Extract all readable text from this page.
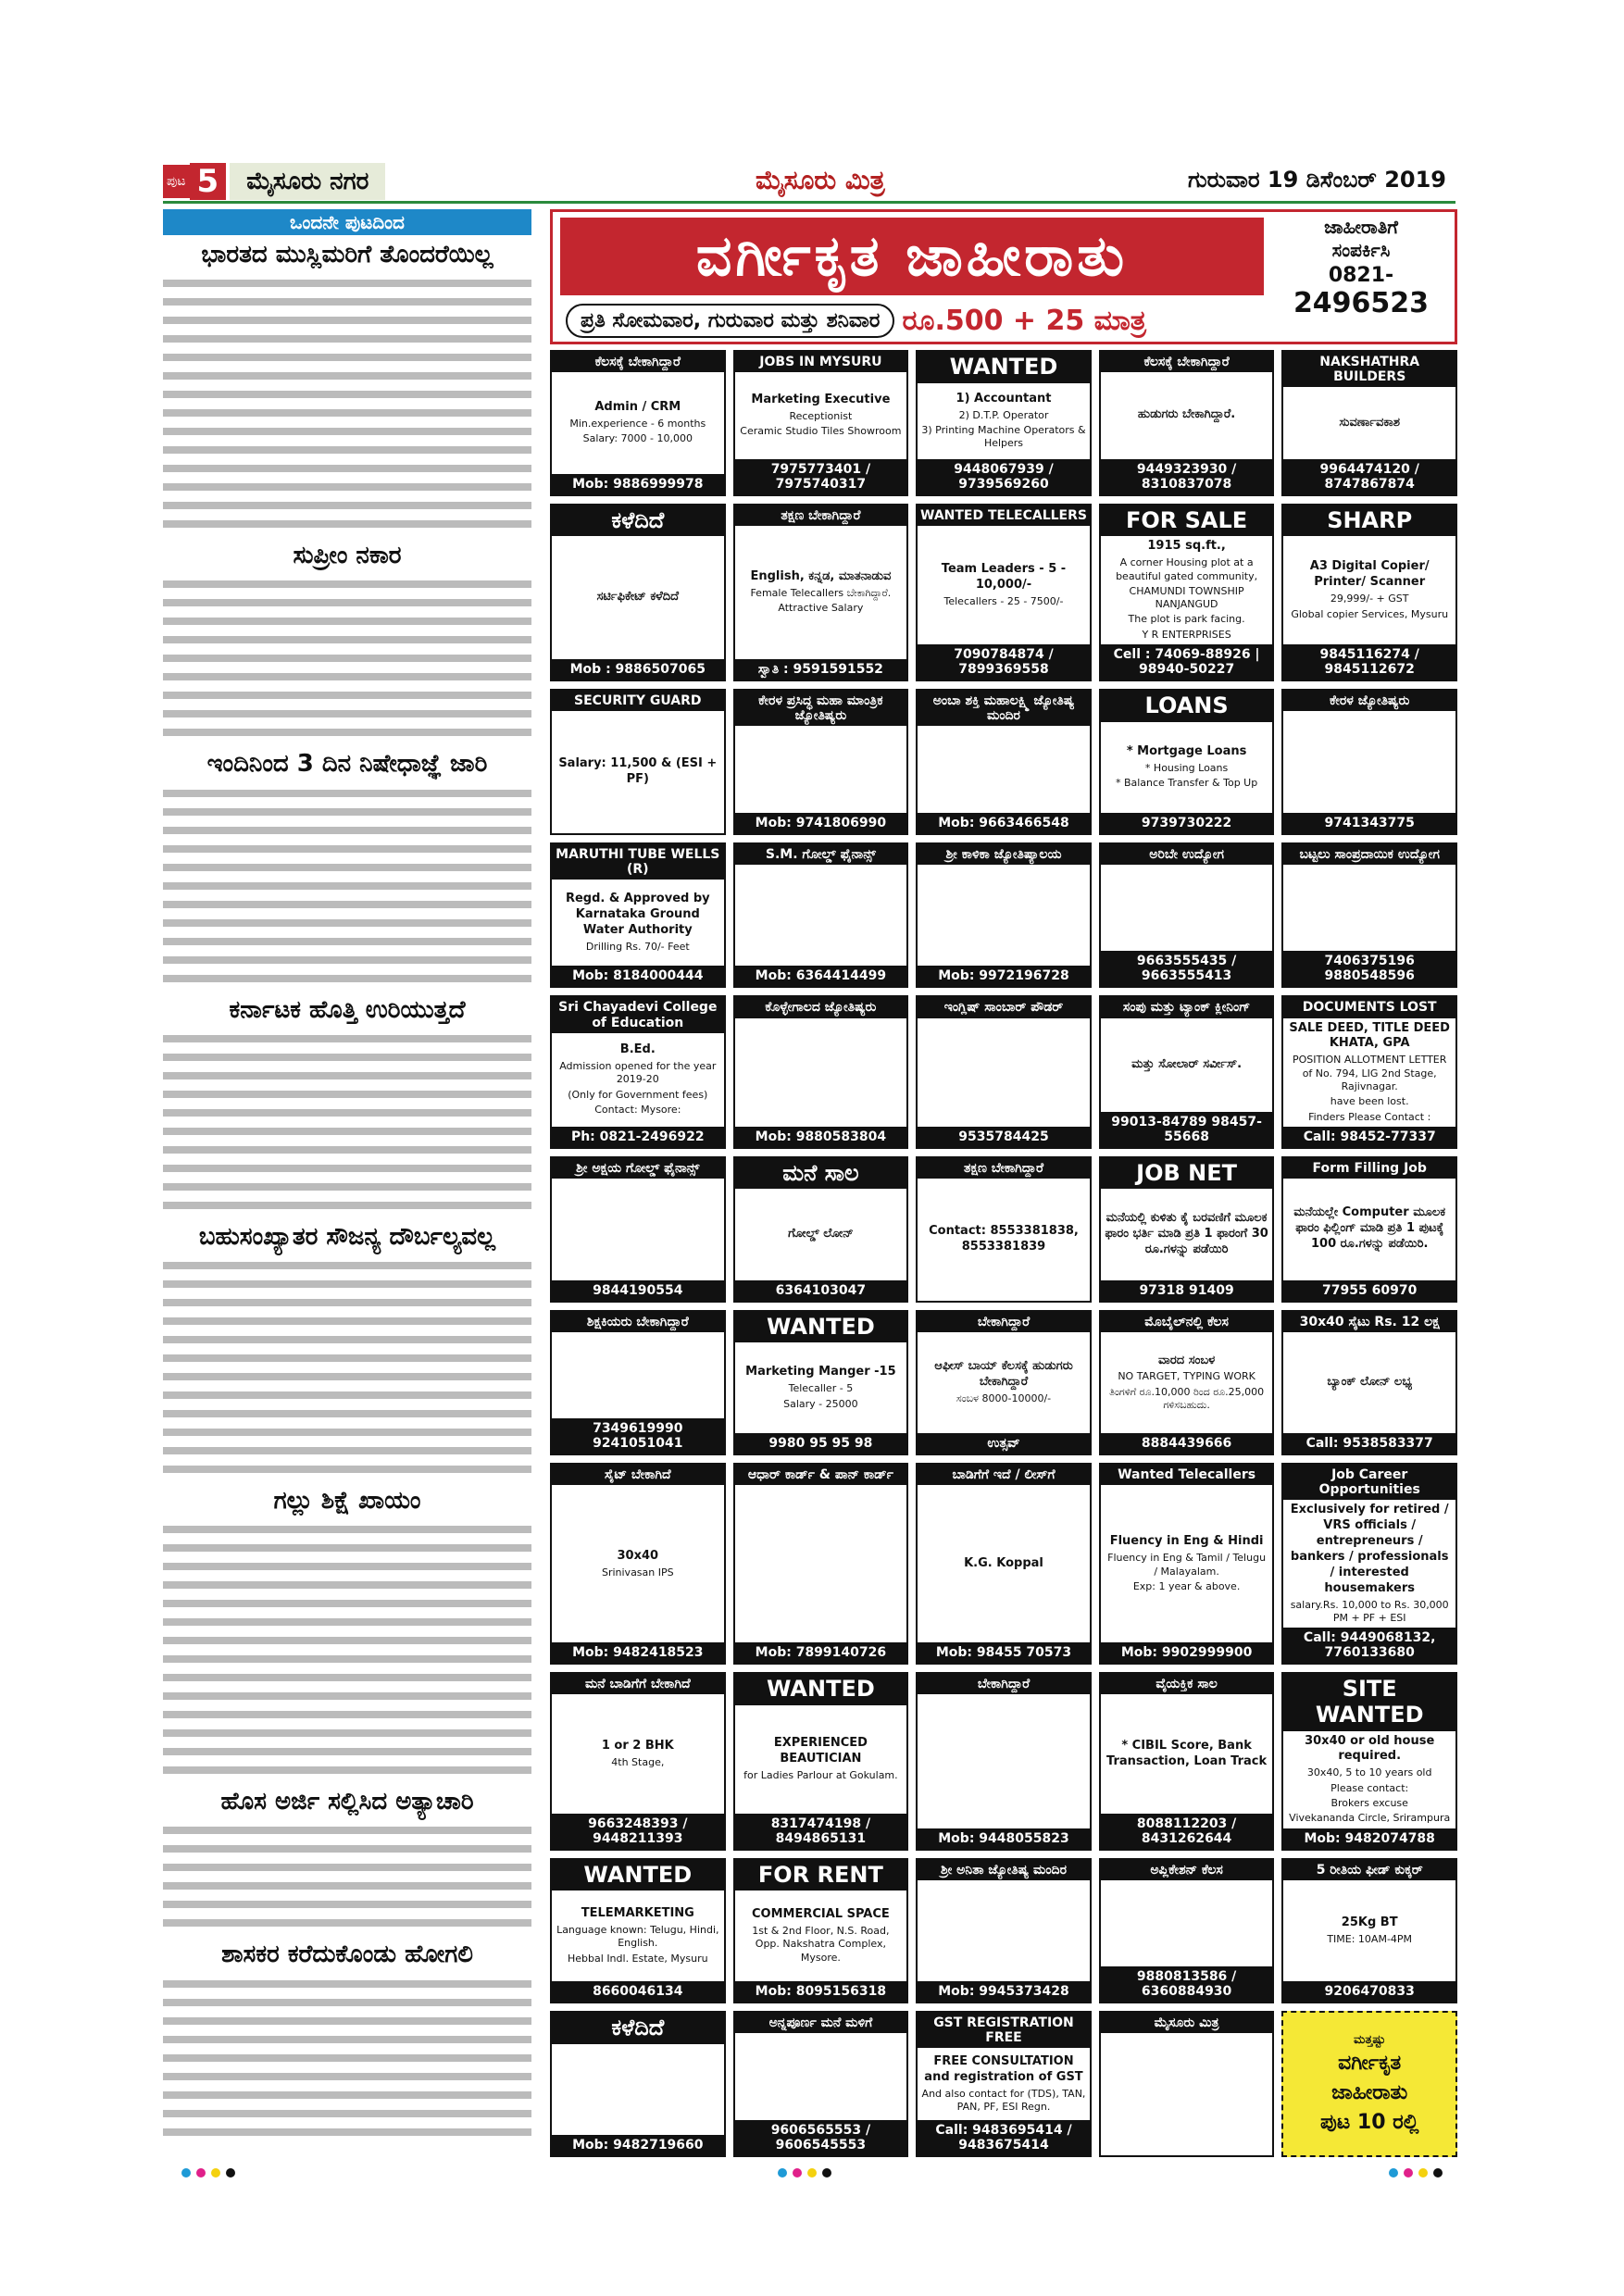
ಪುಟ 5	ಮೈಸೂರು ನಗರ	ಮೈಸೂರು ಮಿತ್ರ	ಗುರುವಾರ 19 ಡಿಸೆಂಬರ್ 2019
ಒಂದನೇ ಪುಟದಿಂದ
ಭಾರತದ ಮುಸ್ಲಿಮರಿಗೆ ತೊಂದರೆಯಿಲ್ಲ
ಸುಪ್ರೀಂ ನಕಾರ
ಇಂದಿನಿಂದ 3 ದಿನ ನಿಷೇಧಾಜ್ಞೆ ಜಾರಿ
ಕರ್ನಾಟಕ ಹೊತ್ತಿ ಉರಿಯುತ್ತದೆ
ಬಹುಸಂಖ್ಯಾತರ ಸೌಜನ್ಯ ದೌರ್ಬಲ್ಯವಲ್ಲ
ಗಲ್ಲು ಶಿಕ್ಷೆ ಖಾಯಂ
ಹೊಸ ಅರ್ಜಿ ಸಲ್ಲಿಸಿದ ಅತ್ಯಾಚಾರಿ
ಶಾಸಕರ ಕರೆದುಕೊಂಡು ಹೋಗಲಿ
ವರ್ಗೀಕೃತ ಜಾಹೀರಾತು
ಪ್ರತಿ ಸೋಮವಾರ, ಗುರುವಾರ ಮತ್ತು ಶನಿವಾರ ರೂ.500 + 25 ಮಾತ್ರ
ಜಾಹೀರಾತಿಗೆ
ಸಂಪರ್ಕಿಸಿ
0821-
2496523
ಕೆಲಸಕ್ಕೆ ಬೇಕಾಗಿದ್ದಾರೆ
Admin / CRM
Min.experience - 6 months
Salary: 7000 - 10,000
Mob: 9886999978
JOBS IN MYSURU
Marketing Executive
Receptionist
Ceramic Studio Tiles Showroom
7975773401 / 7975740317
WANTED
1) Accountant
2) D.T.P. Operator
3) Printing Machine Operators & Helpers
9448067939 / 9739569260
ಕೆಲಸಕ್ಕೆ ಬೇಕಾಗಿದ್ದಾರೆ
ಹುಡುಗರು ಬೇಕಾಗಿದ್ದಾರೆ.
9449323930 / 8310837078
NAKSHATHRA BUILDERS
ಸುವರ್ಣಾವಕಾಶ
9964474120 / 8747867874
ಕಳೆದಿದೆ
ಸರ್ಟಿಫಿಕೇಟ್ ಕಳೆದಿದೆ
Mob : 9886507065
ತಕ್ಷಣ ಬೇಕಾಗಿದ್ದಾರೆ
English, ಕನ್ನಡ, ಮಾತನಾಡುವ
Female Telecallers ಬೇಕಾಗಿದ್ದಾರೆ.
Attractive Salary
ಸ್ವಾತಿ : 9591591552
WANTED TELECALLERS
Team Leaders - 5 - 10,000/-
Telecallers - 25 - 7500/-
7090784874 / 7899369558
FOR SALE
1915 sq.ft.,
A corner Housing plot at a beautiful gated community,
CHAMUNDI TOWNSHIP NANJANGUD
The plot is park facing.
Y R ENTERPRISES
Cell : 74069-88926 | 98940-50227
SHARP
A3 Digital Copier/ Printer/ Scanner
29,999/- + GST
Global copier Services, Mysuru
9845116274 / 9845112672
SECURITY GUARD
Salary: 11,500 & (ESI + PF)
ಕೇರಳ ಪ್ರಸಿದ್ಧ ಮಹಾ ಮಾಂತ್ರಿಕ ಜ್ಯೋತಿಷ್ಯರು
Mob: 9741806990
ಅಂಬಾ ಶಕ್ತಿ ಮಹಾಲಕ್ಷ್ಮಿ ಜ್ಯೋತಿಷ್ಯ ಮಂದಿರ
Mob: 9663466548
LOANS
* Mortgage Loans
* Housing Loans
* Balance Transfer & Top Up
9739730222
ಕೇರಳ ಜ್ಯೋತಿಷ್ಯರು
9741343775
MARUTHI TUBE WELLS (R)
Regd. & Approved by Karnataka Ground Water Authority
Drilling Rs. 70/- Feet
Mob: 8184000444
S.M. ಗೋಲ್ಡ್ ಫೈನಾನ್ಸ್
Mob: 6364414499
ಶ್ರೀ ಕಾಳಿಕಾ ಜ್ಯೋತಿಷ್ಯಾಲಯ
Mob: 9972196728
ಅರಿಬೇ ಉದ್ಯೋಗ
9663555435 / 9663555413
ಬಟ್ಟಲು ಸಾಂಪ್ರದಾಯಿಕ ಉದ್ಯೋಗ
7406375196 9880548596
Sri Chayadevi College of Education
B.Ed.
Admission opened for the year 2019-20
(Only for Government fees)
Contact: Mysore:
Ph: 0821-2496922
ಕೊಳ್ಳೇಗಾಲದ ಜ್ಯೋತಿಷ್ಯರು
Mob: 9880583804
ಇಂಗ್ಲಿಷ್ ಸಾಂಬಾರ್ ಪೌಡರ್
9535784425
ಸಂಪು ಮತ್ತು ಟ್ಯಾಂಕ್ ಕ್ಲೀನಿಂಗ್
ಮತ್ತು ಸೋಲಾರ್ ಸರ್ವೀಸ್.
99013-84789 98457-55668
DOCUMENTS LOST
SALE DEED, TITLE DEED KHATA, GPA
POSITION ALLOTMENT LETTER of No. 794, LIG 2nd Stage, Rajivnagar.
have been lost.
Finders Please Contact :
Call: 98452-77337
ಶ್ರೀ ಅಕ್ಷಯ ಗೋಲ್ಡ್ ಫೈನಾನ್ಸ್
9844190554
ಮನೆ ಸಾಲ
ಗೋಲ್ಡ್ ಲೋನ್
6364103047
ತಕ್ಷಣ ಬೇಕಾಗಿದ್ದಾರೆ
Contact: 8553381838, 8553381839
JOB NET
ಮನೆಯಲ್ಲಿ ಕುಳಿತು ಕೈ ಬರವಣಿಗೆ ಮೂಲಕ ಫಾರಂ ಭರ್ತಿ ಮಾಡಿ ಪ್ರತಿ 1 ಫಾರಂಗೆ 30 ರೂ.ಗಳನ್ನು ಪಡೆಯಿರಿ
97318 91409
Form Filling Job
ಮನೆಯಲ್ಲೇ Computer ಮೂಲಕ ಫಾರಂ ಫಿಲ್ಲಿಂಗ್ ಮಾಡಿ ಪ್ರತಿ 1 ಪುಟಕ್ಕೆ 100 ರೂ.ಗಳನ್ನು ಪಡೆಯಿರಿ.
77955 60970
ಶಿಕ್ಷಕಿಯರು ಬೇಕಾಗಿದ್ದಾರೆ
7349619990 9241051041
WANTED
Marketing Manger -15
Telecaller - 5
Salary - 25000
9980 95 95 98
ಬೇಕಾಗಿದ್ದಾರೆ
ಆಫೀಸ್ ಬಾಯ್ ಕೆಲಸಕ್ಕೆ ಹುಡುಗರು ಬೇಕಾಗಿದ್ದಾರೆ
ಸಂಬಳ 8000-10000/-
ಉತ್ಸವ್
ಮೊಬೈಲ್‌ನಲ್ಲಿ ಕೆಲಸ
ವಾರದ ಸಂಬಳ
NO TARGET, TYPING WORK
ತಿಂಗಳಿಗೆ ರೂ.10,000 ರಿಂದ ರೂ.25,000 ಗಳಿಸಬಹುದು.
8884439666
30x40 ಸೈಟು Rs. 12 ಲಕ್ಷ
ಬ್ಯಾಂಕ್ ಲೋನ್ ಲಭ್ಯ
Call: 9538583377
ಸೈಟ್ ಬೇಕಾಗಿದೆ
30x40
Srinivasan IPS
Mob: 9482418523
ಆಧಾರ್ ಕಾರ್ಡ್ & ಪಾನ್ ಕಾರ್ಡ್
Mob: 7899140726
ಬಾಡಿಗೆಗೆ ಇದೆ / ಲೀಸ್‌ಗೆ
K.G. Koppal
Mob: 98455 70573
Wanted Telecallers
Fluency in Eng & Hindi
Fluency in Eng & Tamil / Telugu / Malayalam.
Exp: 1 year & above.
Mob: 9902999900
Job Career Opportunities
Exclusively for retired / VRS officials / entrepreneurs / bankers / professionals / interested housemakers
salary.Rs. 10,000 to Rs. 30,000 PM + PF + ESI
Call: 9449068132, 7760133680
ಮನೆ ಬಾಡಿಗೆಗೆ ಬೇಕಾಗಿದೆ
1 or 2 BHK
4th Stage,
9663248393 / 9448211393
WANTED
EXPERIENCED BEAUTICIAN
for Ladies Parlour at Gokulam.
8317474198 / 8494865131
ಬೇಕಾಗಿದ್ದಾರೆ
Mob: 9448055823
ವೈಯಕ್ತಿಕ ಸಾಲ
* CIBIL Score, Bank Transaction, Loan Track
8088112203 / 8431262644
SITE WANTED
30x40 or old house required.
30x40, 5 to 10 years old
Please contact:
Brokers excuse
Vivekananda Circle, Srirampura
Mob: 9482074788
WANTED
TELEMARKETING
Language known: Telugu, Hindi, English.
Hebbal Indl. Estate, Mysuru
8660046134
FOR RENT
COMMERCIAL SPACE
1st & 2nd Floor, N.S. Road, Opp. Nakshatra Complex, Mysore.
Mob: 8095156318
ಶ್ರೀ ಅನಿತಾ ಜ್ಯೋತಿಷ್ಯ ಮಂದಿರ
Mob: 9945373428
ಅಪ್ಲಿಕೇಶನ್ ಕೆಲಸ
9880813586 / 6360884930
5 ರೀತಿಯ ಫೀಡ್ ಕುಕ್ಕರ್
25Kg BT
TIME: 10AM-4PM
9206470833
ಕಳೆದಿದೆ
Mob: 9482719660
ಅನ್ನಪೂರ್ಣ ಮನೆ ಮಳಿಗೆ
9606565553 / 9606545553
GST REGISTRATION FREE
FREE CONSULTATION and registration of GST
And also contact for (TDS), TAN, PAN, PF, ESI Regn.
Call: 9483695414 / 9483675414
ಮೈಸೂರು ಮಿತ್ರ
ಮತ್ತಷ್ಟು
ವರ್ಗೀಕೃತ
ಜಾಹೀರಾತು
ಪುಟ 10 ರಲ್ಲಿ
